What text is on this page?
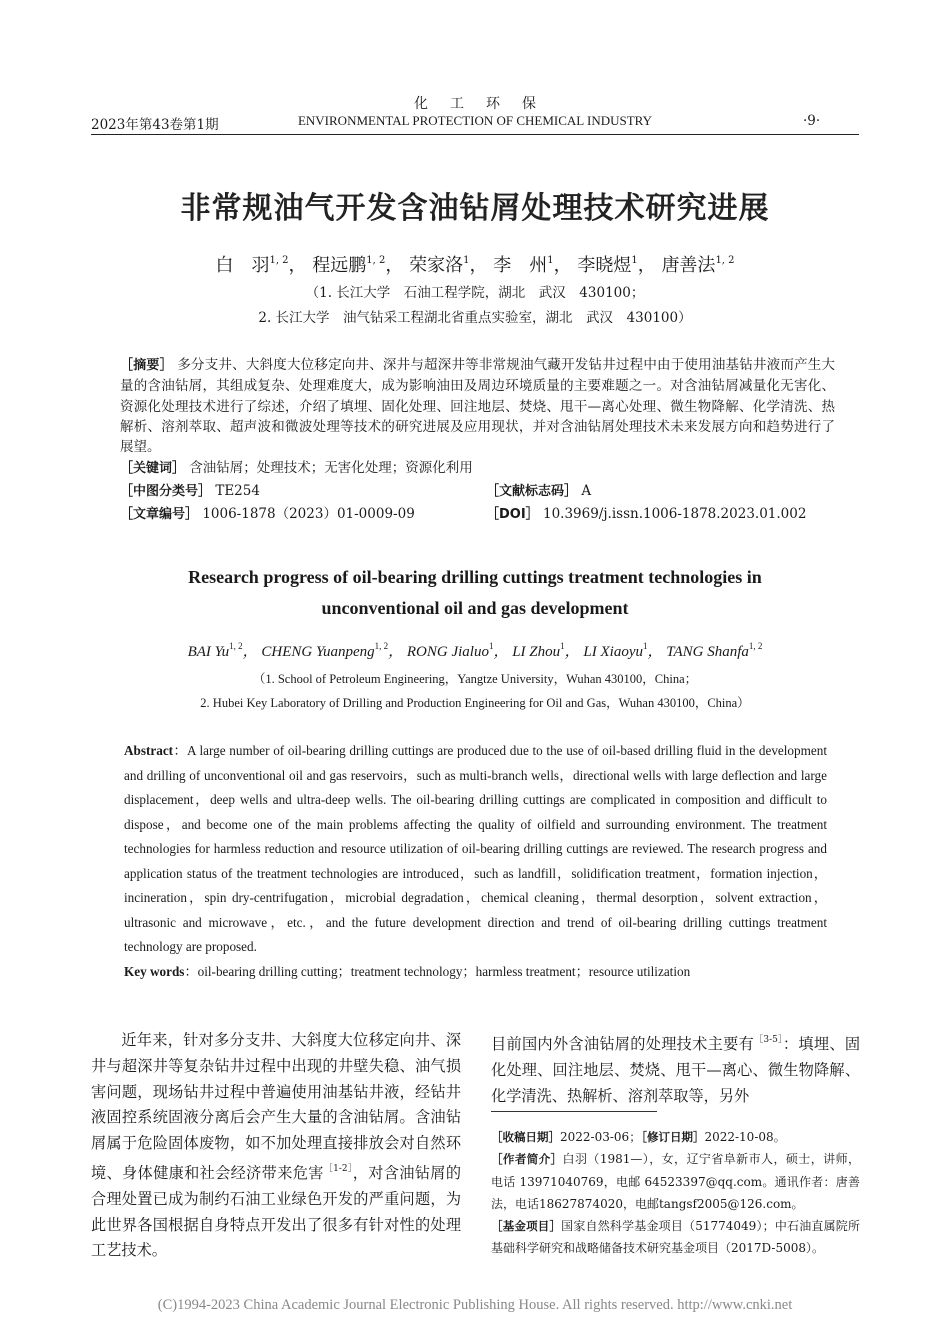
化工环保
2023年第43卷第1期	ENVIRONMENTAL PROTECTION OF CHEMICAL INDUSTRY	·9·
非常规油气开发含油钻屑处理技术研究进展
白　羽$^{1, 2}$， 程远鹏$^{1, 2}$， 荣家洛$^1$， 李　州$^1$， 李晓煜$^1$， 唐善法$^{1, 2}$
（1. 长江大学　石油工程学院，湖北　武汉　430100；
2. 长江大学　油气钻采工程湖北省重点实验室，湖北　武汉　430100）
［摘要］ 多分支井、大斜度大位移定向井、深井与超深井等非常规油气藏开发钻井过程中由于使用油基钻井液而产生大量的含油钻屑，其组成复杂、处理难度大，成为影响油田及周边环境质量的主要难题之一。对含油钻屑减量化无害化、资源化处理技术进行了综述，介绍了填埋、固化处理、回注地层、焚烧、甩干—离心处理、微生物降解、化学清洗、热解析、溶剂萃取、超声波和微波处理等技术的研究进展及应用现状，并对含油钻屑处理技术未来发展方向和趋势进行了展望。
［关键词］ 含油钻屑；处理技术；无害化处理；资源化利用
［中图分类号］ TE254	［文献标志码］ A
［文章编号］ 1006-1878（2023）01-0009-09	［DOI］ 10.3969/j.issn.1006-1878.2023.01.002
Research progress of oil-bearing drilling cuttings treatment technologies in
unconventional oil and gas development
BAI Yu$^{1, 2}$， CHENG Yuanpeng$^{1, 2}$， RONG Jialuo$^1$， LI Zhou$^1$， LI Xiaoyu$^1$， TANG Shanfa$^{1, 2}$
（1. School of Petroleum Engineering，Yangtze University，Wuhan 430100，China；
2. Hubei Key Laboratory of Drilling and Production Engineering for Oil and Gas，Wuhan 430100，China）
Abstract：A large number of oil-bearing drilling cuttings are produced due to the use of oil-based drilling fluid in the development and drilling of unconventional oil and gas reservoirs，such as multi-branch wells，directional wells with large deflection and large displacement，deep wells and ultra-deep wells. The oil-bearing drilling cuttings are complicated in composition and difficult to dispose，and become one of the main problems affecting the quality of oilfield and surrounding environment. The treatment technologies for harmless reduction and resource utilization of oil-bearing drilling cuttings are reviewed. The research progress and application status of the treatment technologies are introduced，such as landfill，solidification treatment，formation injection，incineration，spin dry-centrifugation，microbial degradation，chemical cleaning，thermal desorption，solvent extraction，ultrasonic and microwave，etc.，and the future development direction and trend of oil-bearing drilling cuttings treatment technology are proposed.
Key words：oil-bearing drilling cutting；treatment technology；harmless treatment；resource utilization
近年来，针对多分支井、大斜度大位移定向井、深井与超深井等复杂钻井过程中出现的井壁失稳、油气损害问题，现场钻井过程中普遍使用油基钻井液，经钻井液固控系统固液分离后会产生大量的含油钻屑。含油钻屑属于危险固体废物，如不加处理直接排放会对自然环境、身体健康和社会经济带来危害$^{[1-2]}$，对含油钻屑的合理处置已成为制约石油工业绿色开发的严重问题，为此世界各国根据自身特点开发出了很多有针对性的处理工艺技术。
目前国内外含油钻屑的处理技术主要有$^{[3-5]}$：填埋、固化处理、回注地层、焚烧、甩干—离心、微生物降解、化学清洗、热解析、溶剂萃取等，另外

［收稿日期］2022-03-06；［修订日期］2022-10-08。

［作者简介］白羽（1981—），女，辽宁省阜新市人，硕士，讲师，电话 13971040769，电邮 64523397@qq.com。通讯作者：唐善法，电话18627874020，电邮tangsf2005@126.com。

［基金项目］国家自然科学基金项目（51774049）；中石油直属院所基础科学研究和战略储备技术研究基金项目（2017D-5008）。

(C)1994-2023 China Academic Journal Electronic Publishing House. All rights reserved. http://www.cnki.net
